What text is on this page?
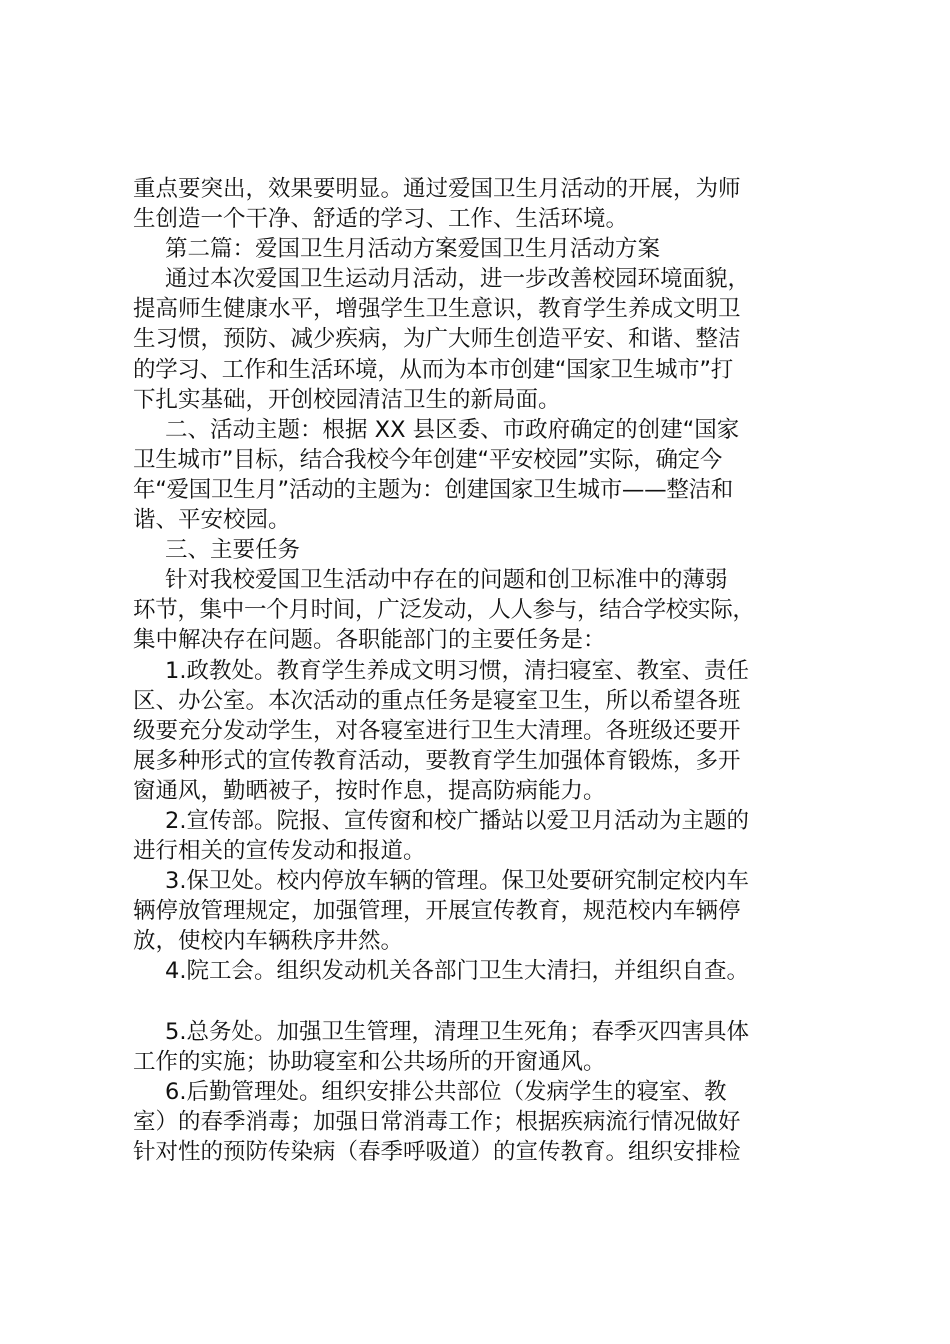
重点要突出，效果要明显。通过爱国卫生月活动的开展，为师

生创造一个干净、舒适的学习、工作、生活环境。

第二篇：爱国卫生月活动方案爱国卫生月活动方案

通过本次爱国卫生运动月活动，进一步改善校园环境面貌，

提高师生健康水平，增强学生卫生意识，教育学生养成文明卫

生习惯，预防、减少疾病，为广大师生创造平安、和谐、整洁

的学习、工作和生活环境，从而为本市创建“国家卫生城市”打

下扎实基础，开创校园清洁卫生的新局面。

二、活动主题：根据 XX 县区委、市政府确定的创建“国家

卫生城市”目标，结合我校今年创建“平安校园”实际，确定今

年“爱国卫生月”活动的主题为：创建国家卫生城市——整洁和

谐、平安校园。

三、主要任务

针对我校爱国卫生活动中存在的问题和创卫标准中的薄弱

环节，集中一个月时间，广泛发动，人人参与，结合学校实际，

集中解决存在问题。各职能部门的主要任务是：

1.政教处。教育学生养成文明习惯，清扫寝室、教室、责任

区、办公室。本次活动的重点任务是寝室卫生，所以希望各班

级要充分发动学生，对各寝室进行卫生大清理。各班级还要开

展多种形式的宣传教育活动，要教育学生加强体育锻炼，多开

窗通风，勤晒被子，按时作息，提高防病能力。

2.宣传部。院报、宣传窗和校广播站以爱卫月活动为主题的

进行相关的宣传发动和报道。

3.保卫处。校内停放车辆的管理。保卫处要研究制定校内车

辆停放管理规定，加强管理，开展宣传教育，规范校内车辆停

放，使校内车辆秩序井然。

4.院工会。组织发动机关各部门卫生大清扫，并组织自查。

5.总务处。加强卫生管理，清理卫生死角；春季灭四害具体

工作的实施；协助寝室和公共场所的开窗通风。

6.后勤管理处。组织安排公共部位（发病学生的寝室、教

室）的春季消毒；加强日常消毒工作；根据疾病流行情况做好

针对性的预防传染病（春季呼吸道）的宣传教育。组织安排检
